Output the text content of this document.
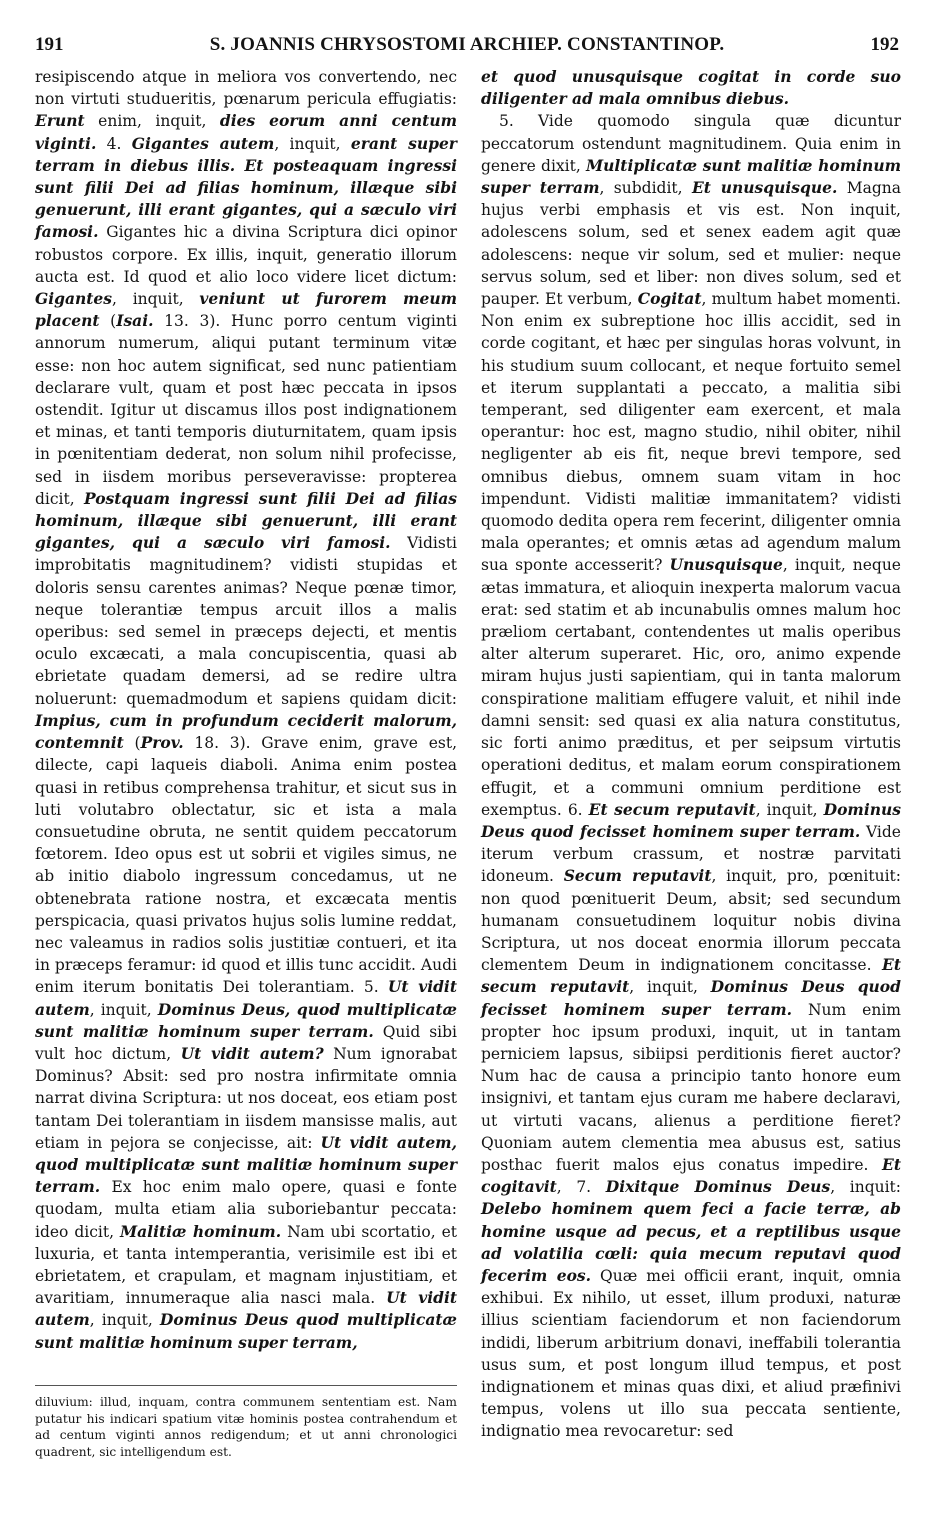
191	S. JOANNIS CHRYSOSTOMI ARCHIEP. CONSTANTINOP.	192

resipiscendo atque in meliora vos convertendo, nec non virtuti studueritis, pœnarum pericula effugiatis: Erunt enim, inquit, dies eorum anni centum viginti. 4. Gigantes autem, inquit, erant super terram in diebus illis. Et posteaquam ingressi sunt filii Dei ad filias hominum, illæque sibi genuerunt, illi erant gigantes, qui a sæculo viri famosi. Gigantes hic a divina Scriptura dici opinor robustos corpore. Ex illis, inquit, generatio illorum aucta est. Id quod et alio loco videre licet dictum: Gigantes, inquit, veniunt ut furorem meum placent (Isai. 13. 3). Hunc porro centum viginti annorum numerum, aliqui putant terminum vitæ esse: non hoc autem significat, sed nunc patientiam declarare vult, quam et post hæc peccata in ipsos ostendit. Igitur ut discamus illos post indignationem et minas, et tanti temporis diuturnitatem, quam ipsis in pœnitentiam dederat, non solum nihil profecisse, sed in iisdem moribus perseveravisse: propterea dicit, Postquam ingressi sunt filii Dei ad filias hominum, illæque sibi genuerunt, illi erant gigantes, qui a sæculo viri famosi. Vidisti improbitatis magnitudinem? vidisti stupidas et doloris sensu carentes animas? Neque pœnæ timor, neque tolerantiæ tempus arcuit illos a malis operibus: sed semel in præceps dejecti, et mentis oculo excæcati, a mala concupiscentia, quasi ab ebrietate quadam demersi, ad se redire ultra noluerunt: quemadmodum et sapiens quidam dicit: Impius, cum in profundum ceciderit malorum, contemnit (Prov. 18. 3). Grave enim, grave est, dilecte, capi laqueis diaboli. Anima enim postea quasi in retibus comprehensa trahitur, et sicut sus in luti volutabro oblectatur, sic et ista a mala consuetudine obruta, ne sentit quidem peccatorum fœtorem. Ideo opus est ut sobrii et vigiles simus, ne ab initio diabolo ingressum concedamus, ut ne obtenebrata ratione nostra, et excæcata mentis perspicacia, quasi privatos hujus solis lumine reddat, nec valeamus in radios solis justitiæ contueri, et ita in præceps feramur: id quod et illis tunc accidit. Audi enim iterum bonitatis Dei tolerantiam. 5. Ut vidit autem, inquit, Dominus Deus, quod multiplicatæ sunt malitiæ hominum super terram. Quid sibi vult hoc dictum, Ut vidit autem? Num ignorabat Dominus? Absit: sed pro nostra infirmitate omnia narrat divina Scriptura: ut nos doceat, eos etiam post tantam Dei tolerantiam in iisdem mansisse malis, aut etiam in pejora se conjecisse, ait: Ut vidit autem, quod multiplicatæ sunt malitiæ hominum super terram. Ex hoc enim malo opere, quasi e fonte quodam, multa etiam alia suboriebantur peccata: ideo dicit, Malitiæ hominum. Nam ubi scortatio, et luxuria, et tanta intemperantia, verisimile est ibi et ebrietatem, et crapulam, et magnam injustitiam, et avaritiam, innumeraque alia nasci mala. Ut vidit autem, inquit, Dominus Deus quod multiplicatæ sunt malitiæ hominum super terram,

et quod unusquisque cogitat in corde suo diligenter ad mala omnibus diebus.

5. Vide quomodo singula quæ dicuntur peccatorum ostendunt magnitudinem. Quia enim in genere dixit, Multiplicatæ sunt malitiæ hominum super terram, subdidit, Et unusquisque. Magna hujus verbi emphasis et vis est. Non inquit, adolescens solum, sed et senex eadem agit quæ adolescens: neque vir solum, sed et mulier: neque servus solum, sed et liber: non dives solum, sed et pauper. Et verbum, Cogitat, multum habet momenti. Non enim ex subreptione hoc illis accidit, sed in corde cogitant, et hæc per singulas horas volvunt, in his studium suum collocant, et neque fortuito semel et iterum supplantati a peccato, a malitia sibi temperant, sed diligenter eam exercent, et mala operantur: hoc est, magno studio, nihil obiter, nihil negligenter ab eis fit, neque brevi tempore, sed omnibus diebus, omnem suam vitam in hoc impendunt. Vidisti malitiæ immanitatem? vidisti quomodo dedita opera rem fecerint, diligenter omnia mala operantes; et omnis ætas ad agendum malum sua sponte accesserit? Unusquisque, inquit, neque ætas immatura, et alioquin inexperta malorum vacua erat: sed statim et ab incunabulis omnes malum hoc præliom certabant, contendentes ut malis operibus alter alterum superaret. Hic, oro, animo expende miram hujus justi sapientiam, qui in tanta malorum conspiratione malitiam effugere valuit, et nihil inde damni sensit: sed quasi ex alia natura constitutus, sic forti animo præditus, et per seipsum virtutis operationi deditus, et malam eorum conspirationem effugit, et a communi omnium perditione est exemptus. 6. Et secum reputavit, inquit, Dominus Deus quod fecisset hominem super terram. Vide iterum verbum crassum, et nostræ parvitati idoneum. Secum reputavit, inquit, pro, pœnituit: non quod pœnituerit Deum, absit; sed secundum humanam consuetudinem loquitur nobis divina Scriptura, ut nos doceat enormia illorum peccata clementem Deum in indignationem concitasse. Et secum reputavit, inquit, Dominus Deus quod fecisset hominem super terram. Num enim propter hoc ipsum produxi, inquit, ut in tantam perniciem lapsus, sibiipsi perditionis fieret auctor? Num hac de causa a principio tanto honore eum insignivi, et tantam ejus curam me habere declaravi, ut virtuti vacans, alienus a perditione fieret? Quoniam autem clementia mea abusus est, satius posthac fuerit malos ejus conatus impedire. Et cogitavit, 7. Dixitque Dominus Deus, inquit: Delebo hominem quem feci a facie terræ, ab homine usque ad pecus, et a reptilibus usque ad volatilia cœli: quia mecum reputavi quod fecerim eos. Quæ mei officii erant, inquit, omnia exhibui. Ex nihilo, ut esset, illum produxi, naturæ illius scientiam faciendorum et non faciendorum indidi, liberum arbitrium donavi, ineffabili tolerantia usus sum, et post longum illud tempus, et post indignationem et minas quas dixi, et aliud præfinivi tempus, volens ut illo sua peccata sentiente, indignatio mea revocaretur: sed

diluvium: illud, inquam, contra communem sententiam est. Nam putatur his indicari spatium vitæ hominis postea contrahendum et ad centum viginti annos redigendum; et ut anni chronologici quadrent, sic intelligendum est.
